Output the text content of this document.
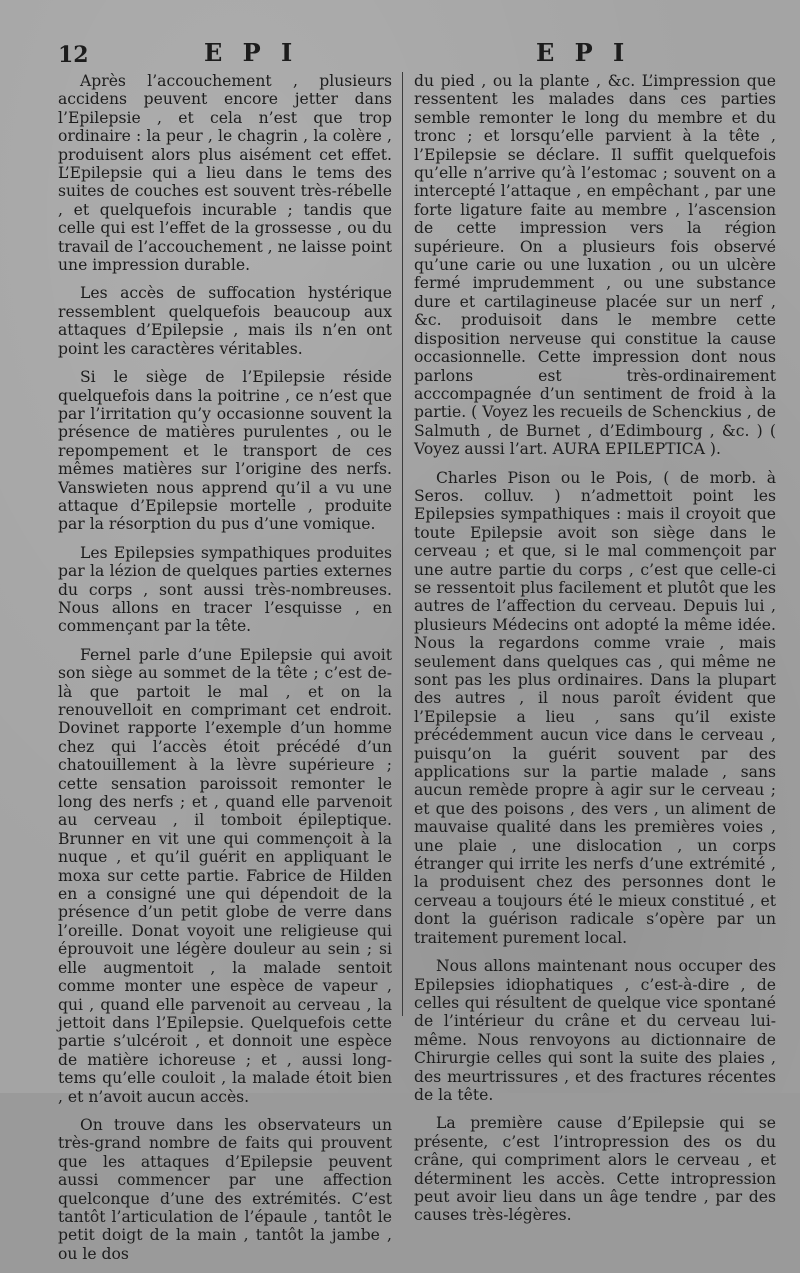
12	E P I	E P I

Après l’accouchement , plusieurs accidens peuvent encore jetter dans l’Epilepsie , et cela n’est que trop ordinaire : la peur , le chagrin , la colère , produisent alors plus aisément cet effet. L’Epilepsie qui a lieu dans le tems des suites de couches est souvent très-rébelle , et quelquefois incurable ; tandis que celle qui est l’effet de la grossesse , ou du travail de l’accouchement , ne laisse point une impression durable.

Les accès de suffocation hystérique ressemblent quelquefois beaucoup aux attaques d’Epilepsie , mais ils n’en ont point les caractères véritables.

Si le siège de l’Epilepsie réside quelquefois dans la poitrine , ce n’est que par l’irritation qu’y occasionne souvent la présence de matières purulentes , ou le repompement et le transport de ces mêmes matières sur l’origine des nerfs. Vanswieten nous apprend qu’il a vu une attaque d’Epilepsie mortelle , produite par la résorption du pus d’une vomique.

Les Epilepsies sympathiques produites par la lézion de quelques parties externes du corps , sont aussi très-nombreuses. Nous allons en tracer l’esquisse , en commençant par la tête.

Fernel parle d’une Epilepsie qui avoit son siège au sommet de la tête ; c’est de-là que partoit le mal , et on la renouvelloit en comprimant cet endroit. Dovinet rapporte l’exemple d’un homme chez qui l’accès étoit précédé d’un chatouillement à la lèvre supérieure ; cette sensation paroissoit remonter le long des nerfs ; et , quand elle parvenoit au cerveau , il tomboit épileptique. Brunner en vit une qui commençoit à la nuque , et qu’il guérit en appliquant le moxa sur cette partie. Fabrice de Hilden en a consigné une qui dépendoit de la présence d’un petit globe de verre dans l’oreille. Donat voyoit une religieuse qui éprouvoit une légère douleur au sein ; si elle augmentoit , la malade sentoit comme monter une espèce de vapeur , qui , quand elle parvenoit au cerveau , la jettoit dans l’Epilepsie. Quelquefois cette partie s’ulcéroit , et donnoit une espèce de matière ichoreuse ; et , aussi long-tems qu’elle couloit , la malade étoit bien , et n’avoit aucun accès.

On trouve dans les observateurs un très-grand nombre de faits qui prouvent que les attaques d’Epilepsie peuvent aussi commencer par une affection quelconque d’une des extrémités. C’est tantôt l’articulation de l’épaule , tantôt le petit doigt de la main , tantôt la jambe , ou le dos

du pied , ou la plante , &c. L’impression que ressentent les malades dans ces parties semble remonter le long du membre et du tronc ; et lorsqu’elle parvient à la tête , l’Epilepsie se déclare. Il suffit quelquefois qu’elle n’arrive qu’à l’estomac ; souvent on a intercepté l’attaque , en empêchant , par une forte ligature faite au membre , l’ascension de cette impression vers la région supérieure. On a plusieurs fois observé qu’une carie ou une luxation , ou un ulcère fermé imprudemment , ou une substance dure et cartilagineuse placée sur un nerf , &c. produisoit dans le membre cette disposition nerveuse qui constitue la cause occasionnelle. Cette impression dont nous parlons est très-ordinairement acccompagnée d’un sentiment de froid à la partie. ( Voyez les recueils de Schenckius , de Salmuth , de Burnet , d’Edimbourg , &c. ) ( Voyez aussi l’art. AURA EPILEPTICA ).

Charles Pison ou le Pois, ( de morb. à Seros. colluv. ) n’admettoit point les Epilepsies sympathiques : mais il croyoit que toute Epilepsie avoit son siège dans le cerveau ; et que, si le mal commençoit par une autre partie du corps , c’est que celle-ci se ressentoit plus facilement et plutôt que les autres de l’affection du cerveau. Depuis lui , plusieurs Médecins ont adopté la même idée. Nous la regardons comme vraie , mais seulement dans quelques cas , qui même ne sont pas les plus ordinaires. Dans la plupart des autres , il nous paroît évident que l’Epilepsie a lieu , sans qu’il existe précédemment aucun vice dans le cerveau , puisqu’on la guérit souvent par des applications sur la partie malade , sans aucun remède propre à agir sur le cerveau ; et que des poisons , des vers , un aliment de mauvaise qualité dans les premières voies , une plaie , une dislocation , un corps étranger qui irrite les nerfs d’une extrémité , la produisent chez des personnes dont le cerveau a toujours été le mieux constitué , et dont la guérison radicale s’opère par un traitement purement local.

Nous allons maintenant nous occuper des Epilepsies idiophatiques , c’est-à-dire , de celles qui résultent de quelque vice spontané de l’intérieur du crâne et du cerveau lui-même. Nous renvoyons au dictionnaire de Chirurgie celles qui sont la suite des plaies , des meurtrissures , et des fractures récentes de la tête.

La première cause d’Epilepsie qui se présente, c’est l’intropression des os du crâne, qui compriment alors le cerveau , et déterminent les accès. Cette intropression peut avoir lieu dans un âge tendre , par des causes très-légères.
